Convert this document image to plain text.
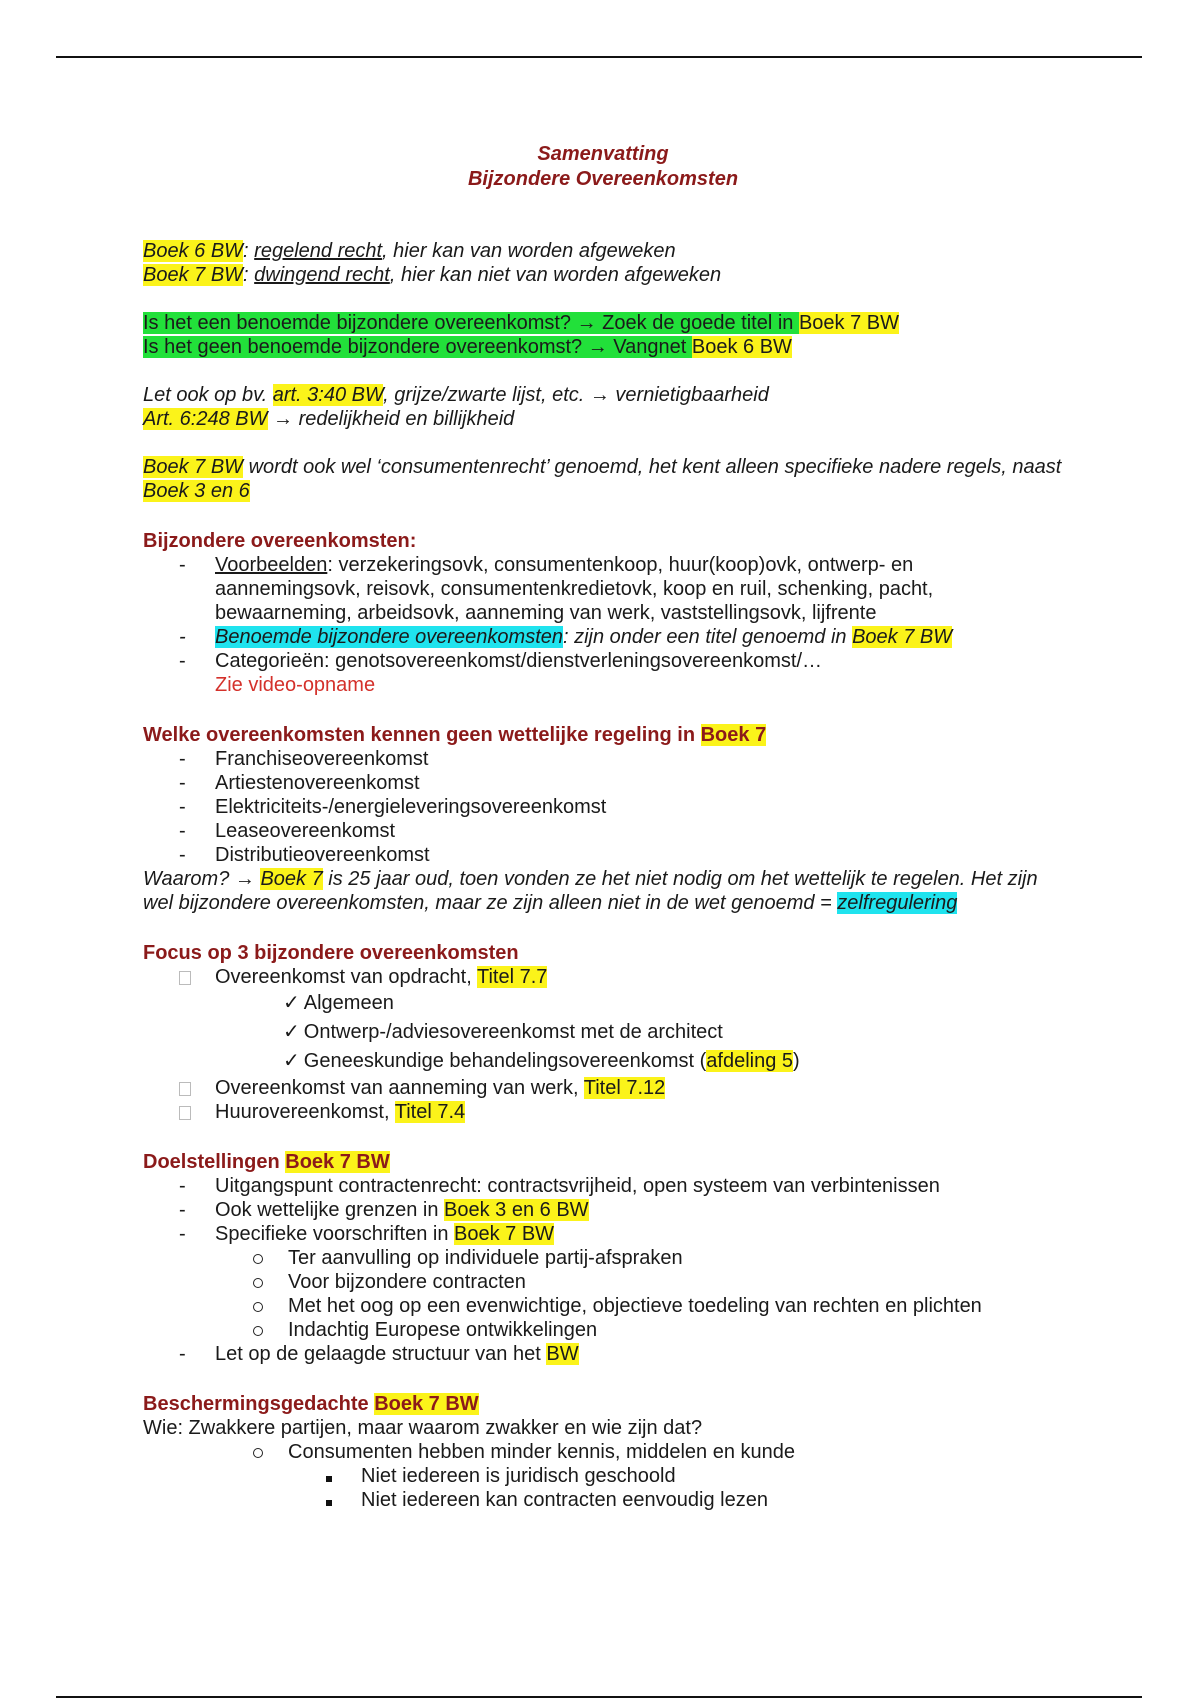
Samenvatting
Bijzondere Overeenkomsten
Boek 6 BW: regelend recht, hier kan van worden afgeweken
Boek 7 BW: dwingend recht, hier kan niet van worden afgeweken
Is het een benoemde bijzondere overeenkomst? → Zoek de goede titel in Boek 7 BW
Is het geen benoemde bijzondere overeenkomst? → Vangnet Boek 6 BW
Let ook op bv. art. 3:40 BW, grijze/zwarte lijst, etc. → vernietigbaarheid
Art. 6:248 BW → redelijkheid en billijkheid
Boek 7 BW wordt ook wel ‘consumentenrecht’ genoemd, het kent alleen specifieke nadere regels, naast Boek 3 en 6
Bijzondere overeenkomsten:
- Voorbeelden: verzekeringsovk, consumentenkoop, huur(koop)ovk, ontwerp- en aannemingsovk, reisovk, consumentenkredietovk, koop en ruil, schenking, pacht, bewaarneming, arbeidsovk, aanneming van werk, vaststellingsovk, lijfrente
- Benoemde bijzondere overeenkomsten: zijn onder een titel genoemd in Boek 7 BW
- Categorieën: genotsovereenkomst/dienstverleningsovereenkomst/…
Zie video-opname
Welke overeenkomsten kennen geen wettelijke regeling in Boek 7
- Franchiseovereenkomst
- Artiestenovereenkomst
- Elektriciteits-/energieleveringsovereenkomst
- Leaseovereenkomst
- Distributieovereenkomst
Waarom? → Boek 7 is 25 jaar oud, toen vonden ze het niet nodig om het wettelijk te regelen. Het zijn wel bijzondere overeenkomsten, maar ze zijn alleen niet in de wet genoemd = zelfregulering
Focus op 3 bijzondere overeenkomsten
Overeenkomst van opdracht, Titel 7.7
✓ Algemeen
✓ Ontwerp-/adviesovereenkomst met de architect
✓ Geneeskundige behandelingsovereenkomst (afdeling 5)
Overeenkomst van aanneming van werk, Titel 7.12
Huurovereenkomst, Titel 7.4
Doelstellingen Boek 7 BW
- Uitgangspunt contractenrecht: contractsvrijheid, open systeem van verbintenissen
- Ook wettelijke grenzen in Boek 3 en 6 BW
- Specifieke voorschriften in Boek 7 BW
Ter aanvulling op individuele partij-afspraken
Voor bijzondere contracten
Met het oog op een evenwichtige, objectieve toedeling van rechten en plichten
Indachtig Europese ontwikkelingen
- Let op de gelaagde structuur van het BW
Beschermingsgedachte Boek 7 BW
Wie: Zwakkere partijen, maar waarom zwakker en wie zijn dat?
Consumenten hebben minder kennis, middelen en kunde
Niet iedereen is juridisch geschoold
Niet iedereen kan contracten eenvoudig lezen
